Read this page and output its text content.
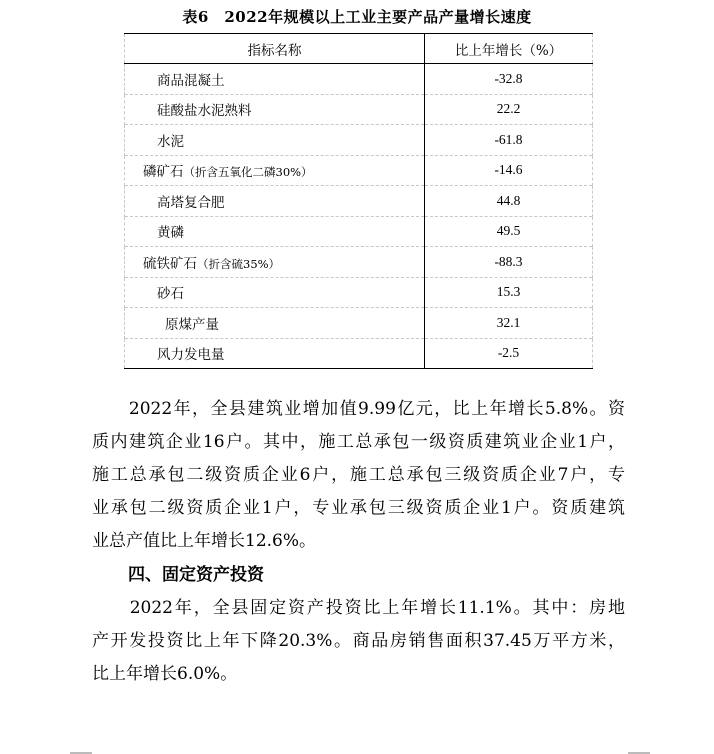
表6　2022年规模以上工业主要产品产量增长速度
指标名称	比上年增长（%）
商品混凝土	-32.8
硅酸盐水泥熟料	22.2
水泥	-61.8
磷矿石（折含五氧化二磷30%）	-14.6
高塔复合肥	44.8
黄磷	49.5
硫铁矿石（折含硫35%）	-88.3
砂石	15.3
原煤产量	32.1
风力发电量	-2.5
　　2022年，全县建筑业增加值9.99亿元，比上年增长5.8%。资
质内建筑企业16户。其中，施工总承包一级资质建筑业企业1户，
施工总承包二级资质企业6户，施工总承包三级资质企业7户，专
业承包二级资质企业1户，专业承包三级资质企业1户。资质建筑
业总产值比上年增长12.6%。
四、固定资产投资
　　2022年，全县固定资产投资比上年增长11.1%。其中：房地
产开发投资比上年下降20.3%。商品房销售面积37.45万平方米，
比上年增长6.0%。
